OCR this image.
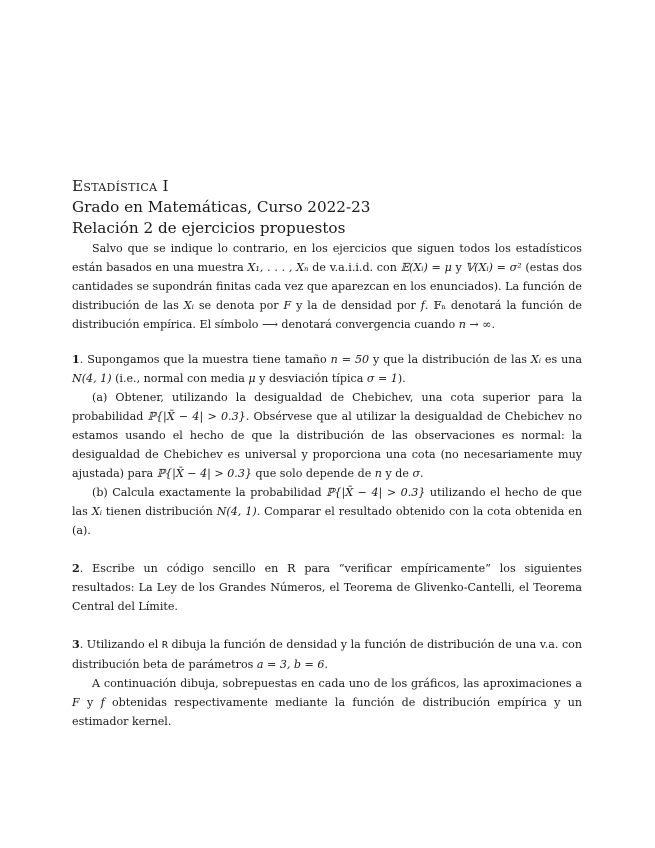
Estadística I
Grado en Matemáticas, Curso 2022-23
Relación 2 de ejercicios propuestos

Salvo que se indique lo contrario, en los ejercicios que siguen todos los estadísticos están basados en una muestra X₁, . . . , Xₙ de v.a.i.i.d. con 𝔼(Xᵢ) = μ y 𝕍(Xᵢ) = σ² (estas dos cantidades se supondrán finitas cada vez que aparezcan en los enunciados). La función de distribución de las Xᵢ se denota por F y la de densidad por f. 𝔽ₙ denotará la función de distribución empírica. El símbolo ⟶ denotará convergencia cuando n → ∞.

1. Supongamos que la muestra tiene tamaño n = 50 y que la distribución de las Xᵢ es una N(4, 1) (i.e., normal con media μ y desviación típica σ = 1).

(a) Obtener, utilizando la desigualdad de Chebichev, una cota superior para la probabilidad ℙ{|X̄ − 4| > 0.3}. Obsérvese que al utilizar la desigualdad de Chebichev no estamos usando el hecho de que la distribución de las observaciones es normal: la desigualdad de Chebichev es universal y proporciona una cota (no necesariamente muy ajustada) para ℙ{|X̄ − 4| > 0.3} que solo depende de n y de σ.

(b) Calcula exactamente la probabilidad ℙ{|X̄ − 4| > 0.3} utilizando el hecho de que las Xᵢ tienen distribución N(4, 1). Comparar el resultado obtenido con la cota obtenida en (a).

2. Escribe un código sencillo en R para “verificar empíricamente” los siguientes resultados: La Ley de los Grandes Números, el Teorema de Glivenko-Cantelli, el Teorema Central del Límite.

3. Utilizando el R dibuja la función de densidad y la función de distribución de una v.a. con distribución beta de parámetros a = 3, b = 6.

A continuación dibuja, sobrepuestas en cada uno de los gráficos, las aproximaciones a F y f obtenidas respectivamente mediante la función de distribución empírica y un estimador kernel.
